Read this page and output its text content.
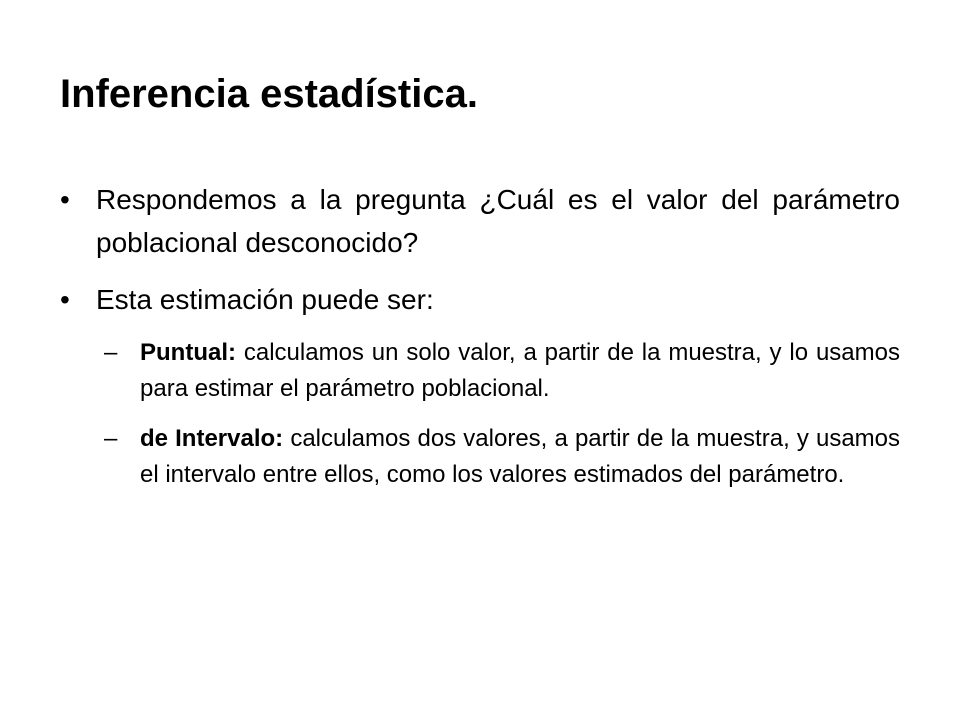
Inferencia estadística.
• Respondemos a la pregunta ¿Cuál es el valor del parámetro poblacional desconocido?
• Esta estimación puede ser:
– Puntual: calculamos un solo valor, a partir de la muestra, y lo usamos para estimar el parámetro poblacional.
– de Intervalo: calculamos dos valores, a partir de la muestra, y usamos el intervalo entre ellos, como los valores estimados del parámetro.
